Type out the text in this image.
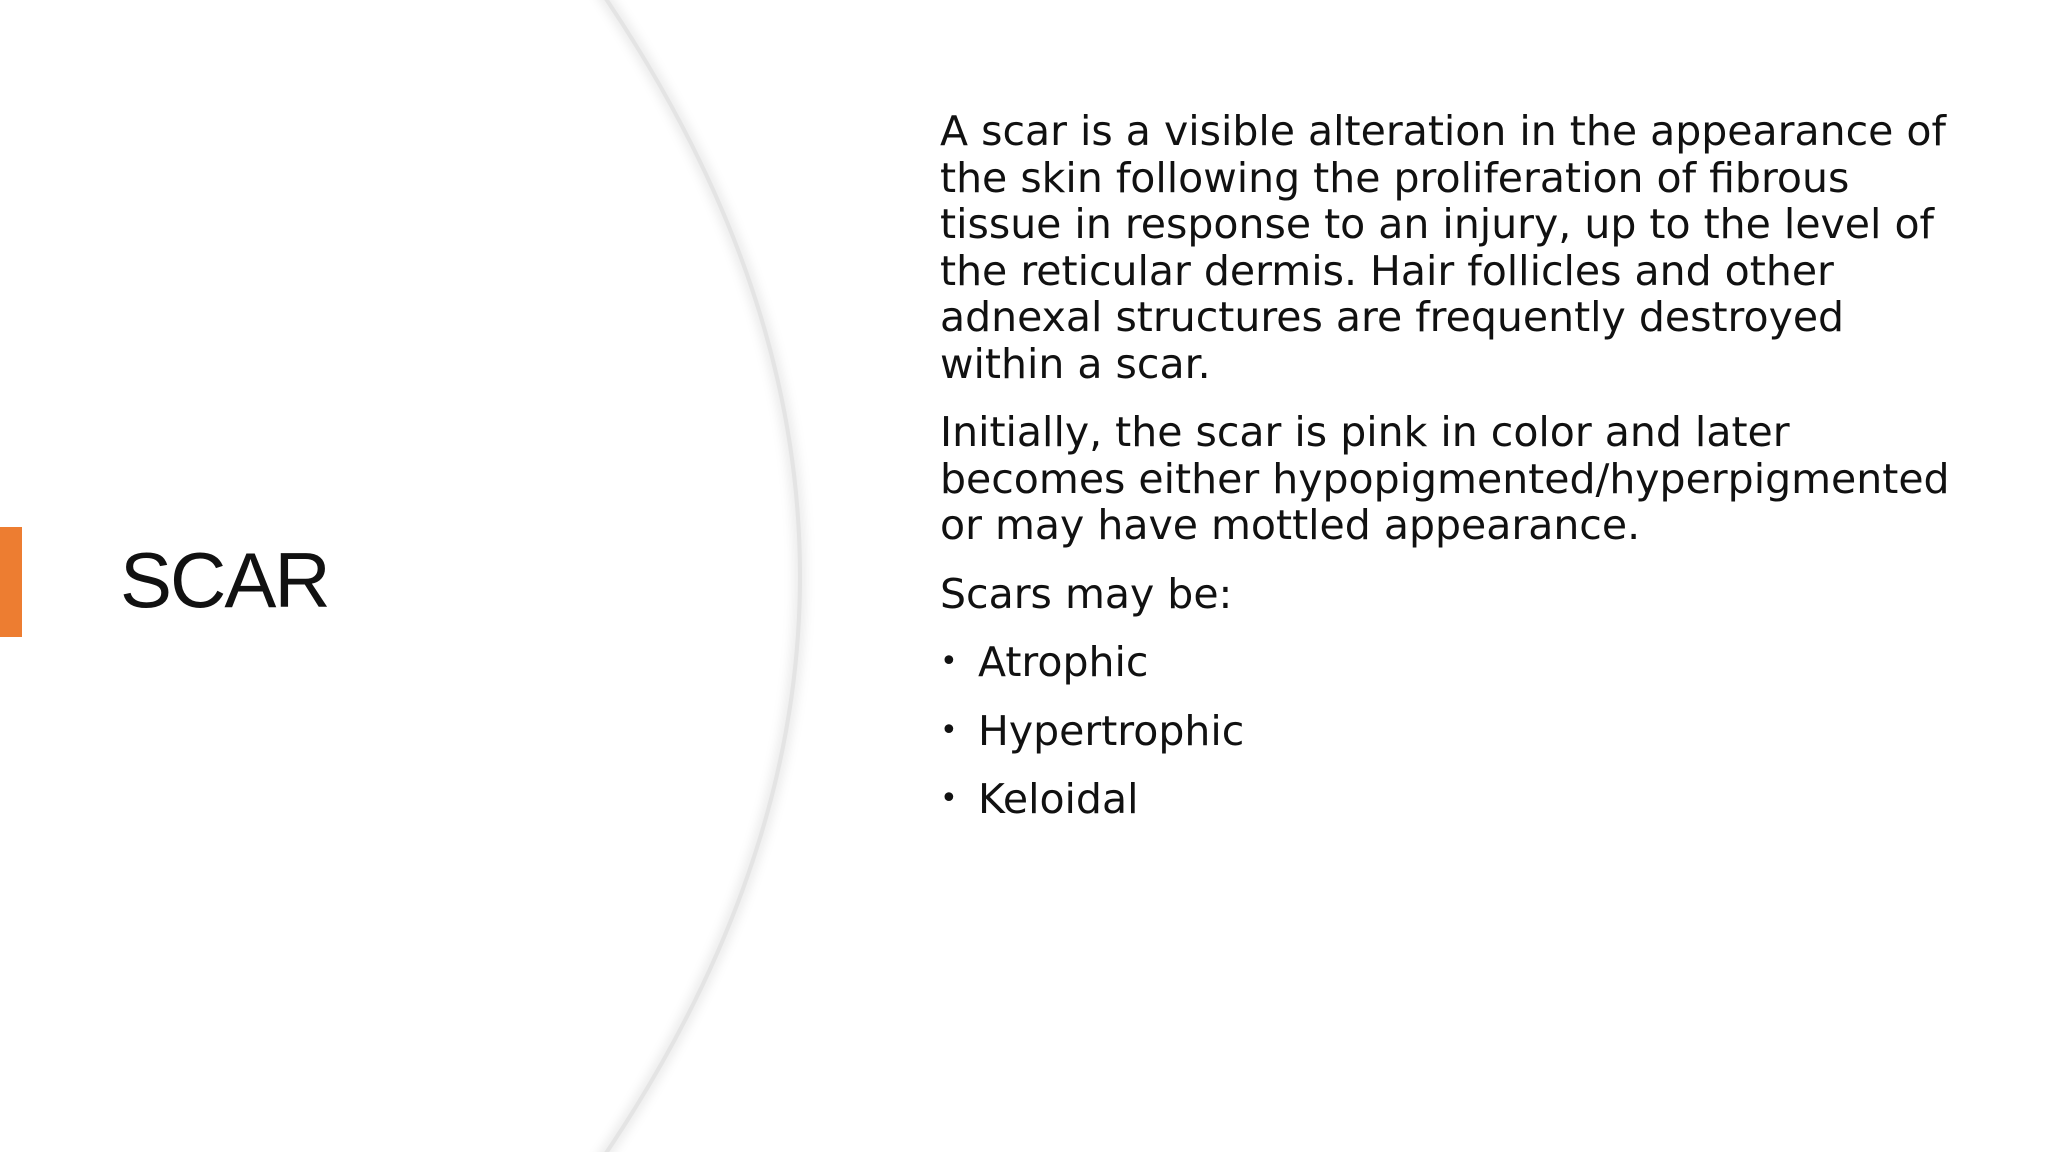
SCAR

A scar is a visible alteration in the appearance of the skin following the proliferation of fibrous tissue in response to an injury, up to the level of the reticular dermis. Hair follicles and other adnexal structures are frequently destroyed within a scar.

Initially, the scar is pink in color and later becomes either hypopigmented/hyperpigmented or may have mottled appearance.

Scars may be:

• Atrophic
• Hypertrophic
• Keloidal
